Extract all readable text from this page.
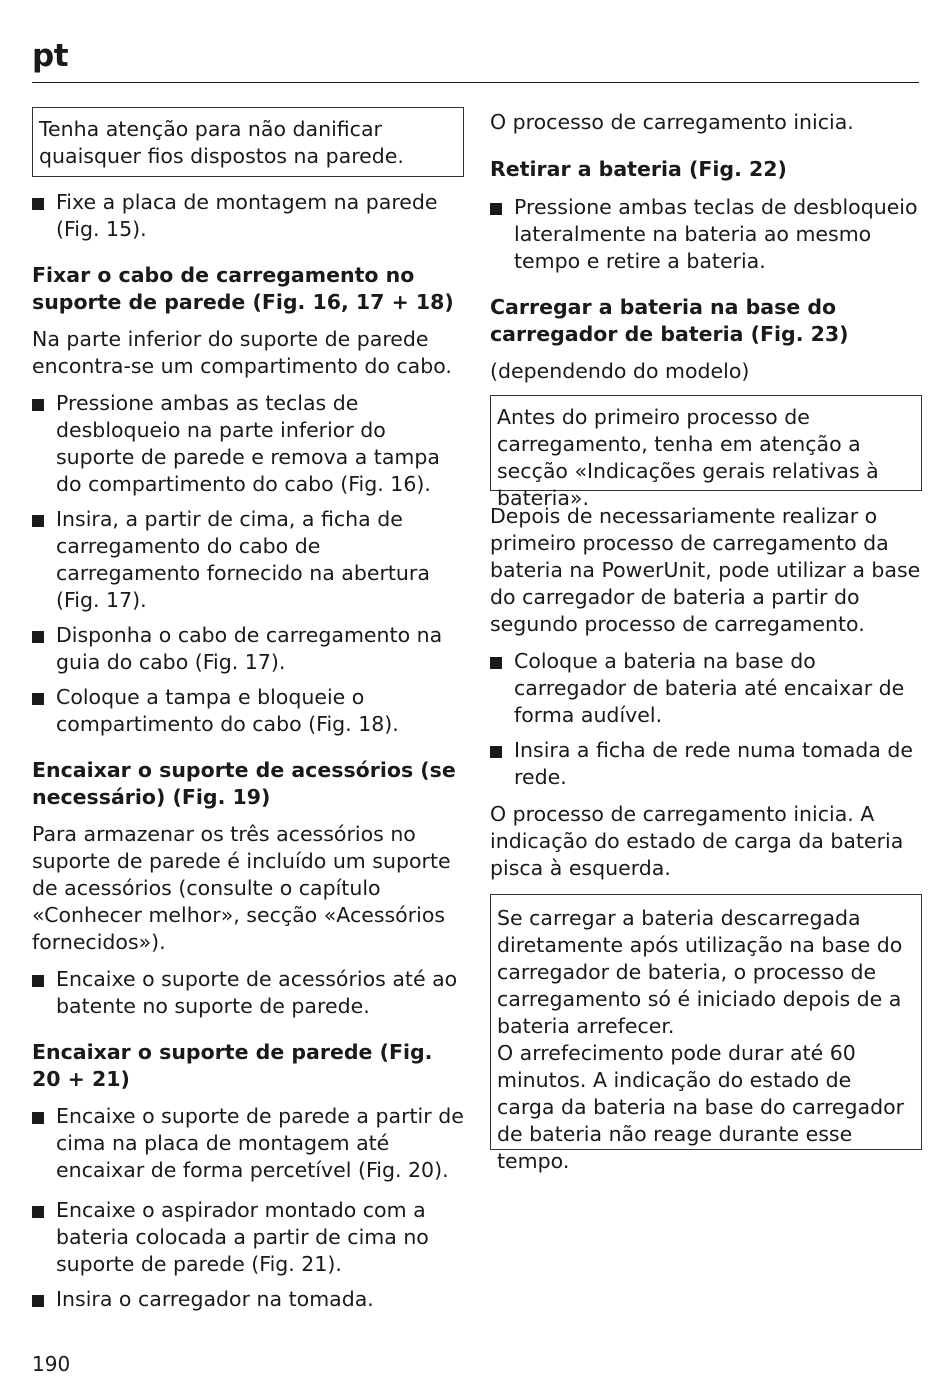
pt

Tenha atenção para não danificar quaisquer fios dispostos na parede.

Fixe a placa de montagem na parede (Fig. 15).
Fixar o cabo de carregamento no suporte de parede (Fig. 16, 17 + 18)

Na parte inferior do suporte de parede encontra-se um compartimento do cabo.

Pressione ambas as teclas de desbloqueio na parte inferior do suporte de parede e remova a tampa do compartimento do cabo (Fig. 16).
Insira, a partir de cima, a ficha de carregamento do cabo de carregamento fornecido na abertura (Fig. 17).
Disponha o cabo de carregamento na guia do cabo (Fig. 17).
Coloque a tampa e bloqueie o compartimento do cabo (Fig. 18).
Encaixar o suporte de acessórios (se necessário) (Fig. 19)

Para armazenar os três acessórios no suporte de parede é incluído um suporte de acessórios (consulte o capítulo «Conhecer melhor», secção «Acessórios fornecidos»).

Encaixe o suporte de acessórios até ao batente no suporte de parede.
Encaixar o suporte de parede (Fig. 20 + 21)
Encaixe o suporte de parede a partir de cima na placa de montagem até encaixar de forma percetível (Fig. 20).
Encaixe o aspirador montado com a bateria colocada a partir de cima no suporte de parede (Fig. 21).
Insira o carregador na tomada.

O processo de carregamento inicia.

Retirar a bateria (Fig. 22)
Pressione ambas teclas de desbloqueio lateralmente na bateria ao mesmo tempo e retire a bateria.
Carregar a bateria na base do carregador de bateria (Fig. 23)

(dependendo do modelo)

Antes do primeiro processo de carregamento, tenha em atenção a secção «Indicações gerais relativas à bateria».

Depois de necessariamente realizar o primeiro processo de carregamento da bateria na PowerUnit, pode utilizar a base do carregador de bateria a partir do segundo processo de carregamento.

Coloque a bateria na base do carregador de bateria até encaixar de forma audível.
Insira a ficha de rede numa tomada de rede.

O processo de carregamento inicia. A indicação do estado de carga da bateria pisca à esquerda.

Se carregar a bateria descarregada diretamente após utilização na base do carregador de bateria, o processo de carregamento só é iniciado depois de a bateria arrefecer.

O arrefecimento pode durar até 60 minutos. A indicação do estado de carga da bateria na base do carregador de bateria não reage durante esse tempo.

190
